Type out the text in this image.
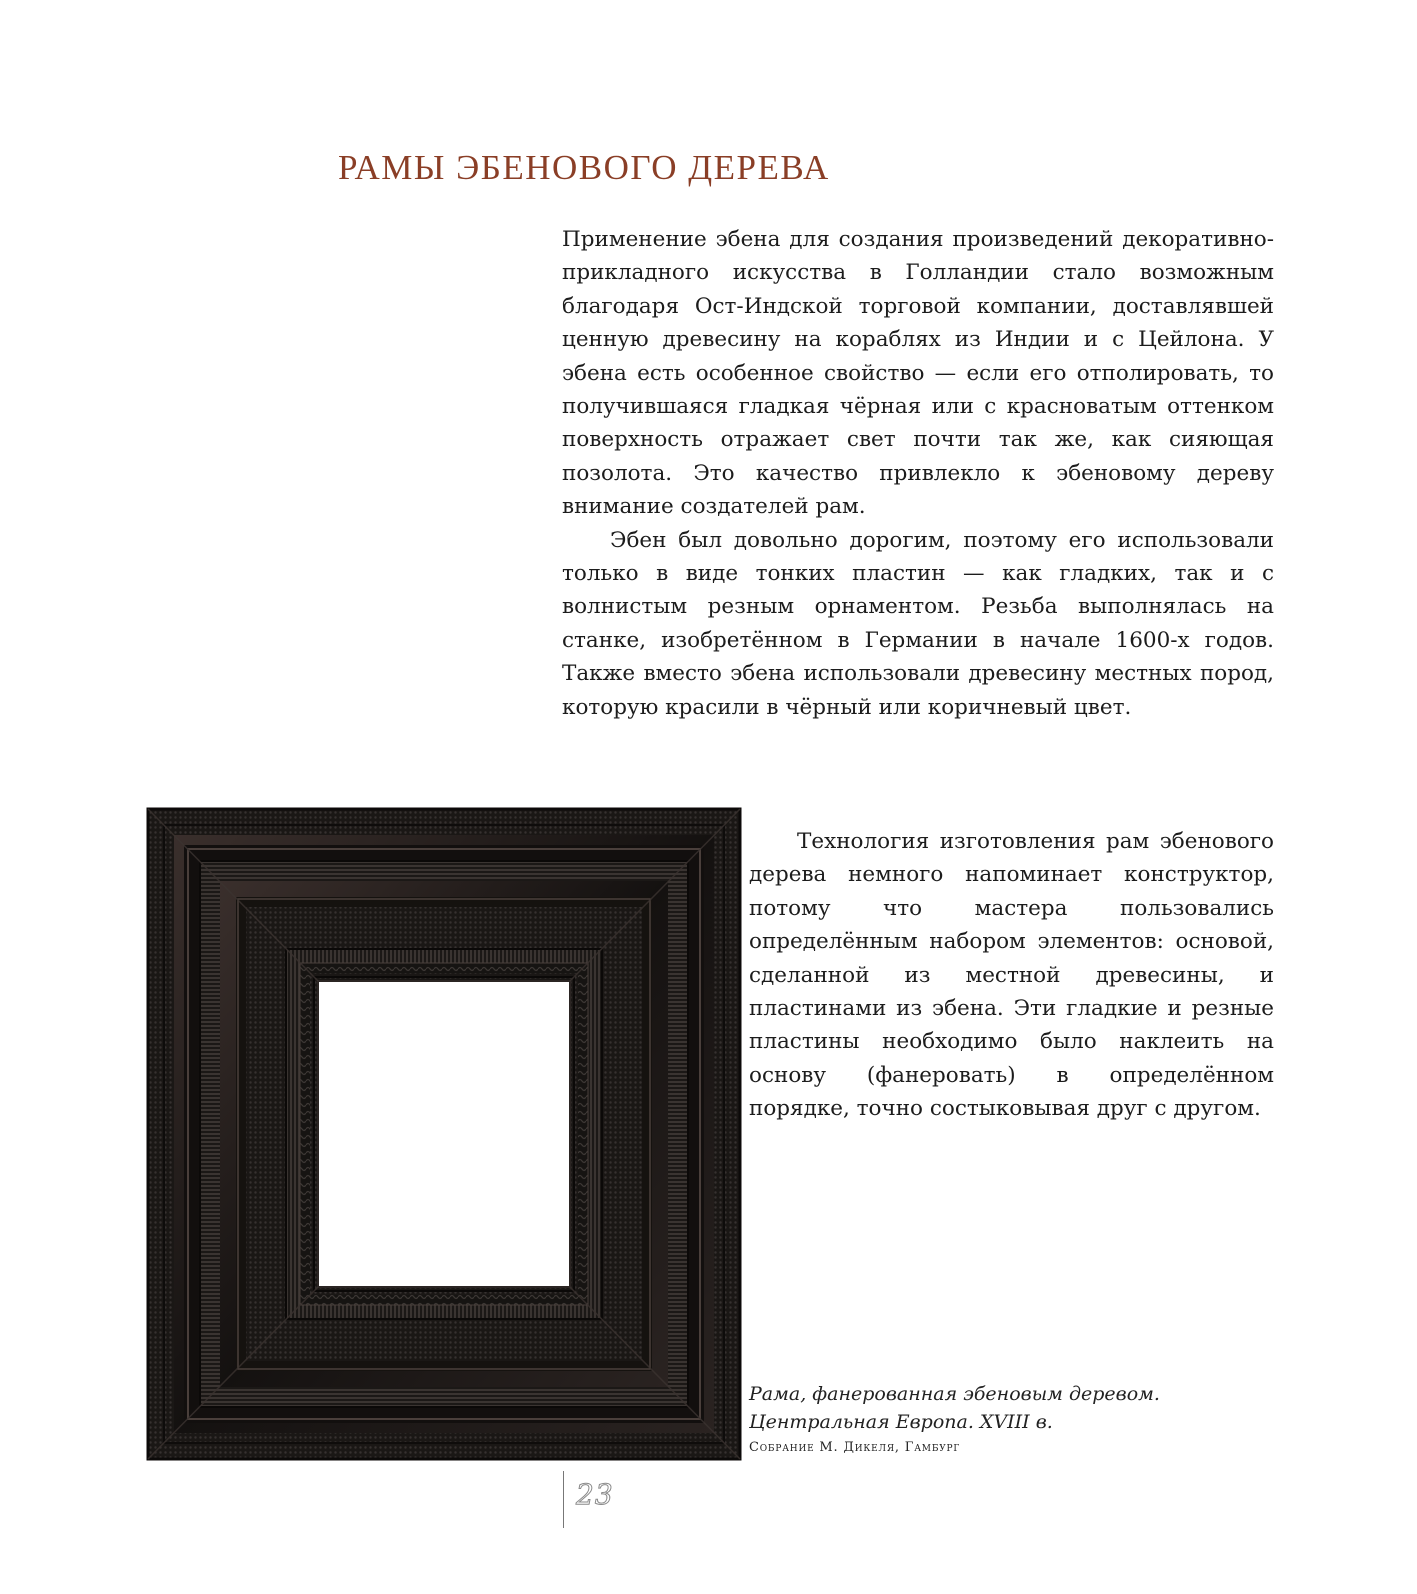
РАМЫ ЭБЕНОВОГО ДЕРЕВА

Применение эбена для создания произведений декоративно-прикладного искусства в Голландии стало возможным благодаря Ост-Индской торговой компании, доставлявшей ценную древесину на кораблях из Индии и с Цейлона. У эбена есть особенное свойство — если его отполировать, то получившаяся гладкая чёрная или с красноватым оттенком поверхность отражает свет почти так же, как сияющая позолота. Это качество привлекло к эбеновому дереву внимание создателей рам.

Эбен был довольно дорогим, поэтому его использовали только в виде тонких пластин — как гладких, так и с волнистым резным орнаментом. Резьба выполнялась на станке, изобретённом в Германии в начале 1600-х годов. Также вместо эбена использовали древесину местных пород, которую красили в чёрный или коричневый цвет.

Технология изготовления рам эбенового дерева немного напоминает конструктор, потому что мастера пользовались определённым набором элементов: основой, сделанной из местной древесины, и пластинами из эбена. Эти гладкие и резные пластины необходимо было наклеить на основу (фанеровать) в определённом порядке, точно состыковывая друг с другом.

Рама, фанерованная эбеновым деревом.
Центральная Европа. XVIII в.
Собрание М. Дикеля, Гамбург
23
